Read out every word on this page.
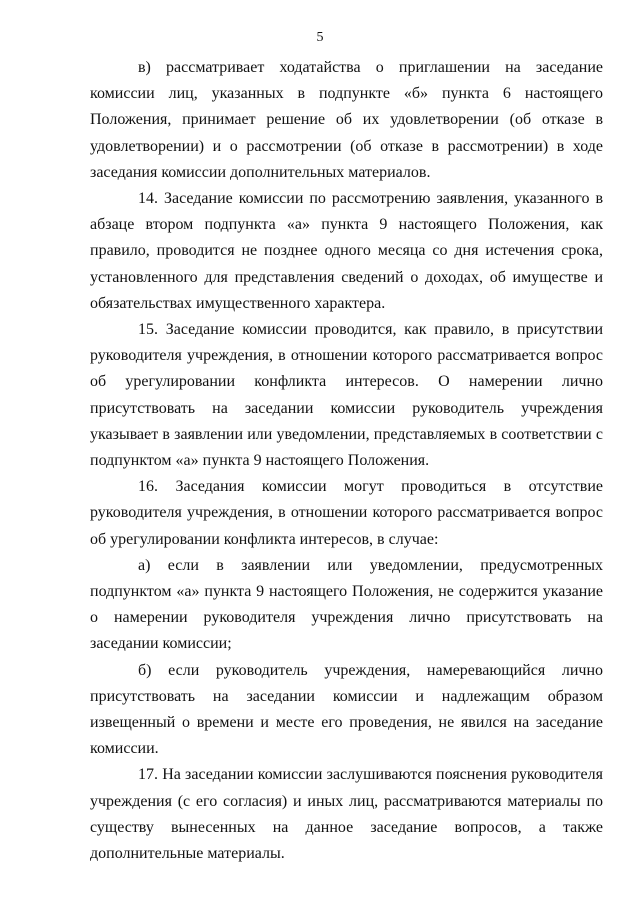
5

в) рассматривает ходатайства о приглашении на заседание комиссии лиц, указанных в подпункте «б» пункта 6 настоящего Положения, принимает решение об их удовлетворении (об отказе в удовлетворении) и о рассмотрении (об отказе в рассмотрении) в ходе заседания комиссии дополнительных материалов.

14. Заседание комиссии по рассмотрению заявления, указанного в абзаце втором подпункта «а» пункта 9 настоящего Положения, как правило, проводится не позднее одного месяца со дня истечения срока, установленного для представления сведений о доходах, об имуществе и обязательствах имущественного характера.

15. Заседание комиссии проводится, как правило, в присутствии руководителя учреждения, в отношении которого рассматривается вопрос об урегулировании конфликта интересов. О намерении лично присутствовать на заседании комиссии руководитель учреждения указывает в заявлении или уведомлении, представляемых в соответствии с подпунктом «а» пункта 9 настоящего Положения.

16. Заседания комиссии могут проводиться в отсутствие руководителя учреждения, в отношении которого рассматривается вопрос об урегулировании конфликта интересов, в случае:

а) если в заявлении или уведомлении, предусмотренных подпунктом «а» пункта 9 настоящего Положения, не содержится указание о намерении руководителя учреждения лично присутствовать на заседании комиссии;

б) если руководитель учреждения, намеревающийся лично присутствовать на заседании комиссии и надлежащим образом извещенный о времени и месте его проведения, не явился на заседание комиссии.

17. На заседании комиссии заслушиваются пояснения руководителя учреждения (с его согласия) и иных лиц, рассматриваются материалы по существу вынесенных на данное заседание вопросов, а также дополнительные материалы.
